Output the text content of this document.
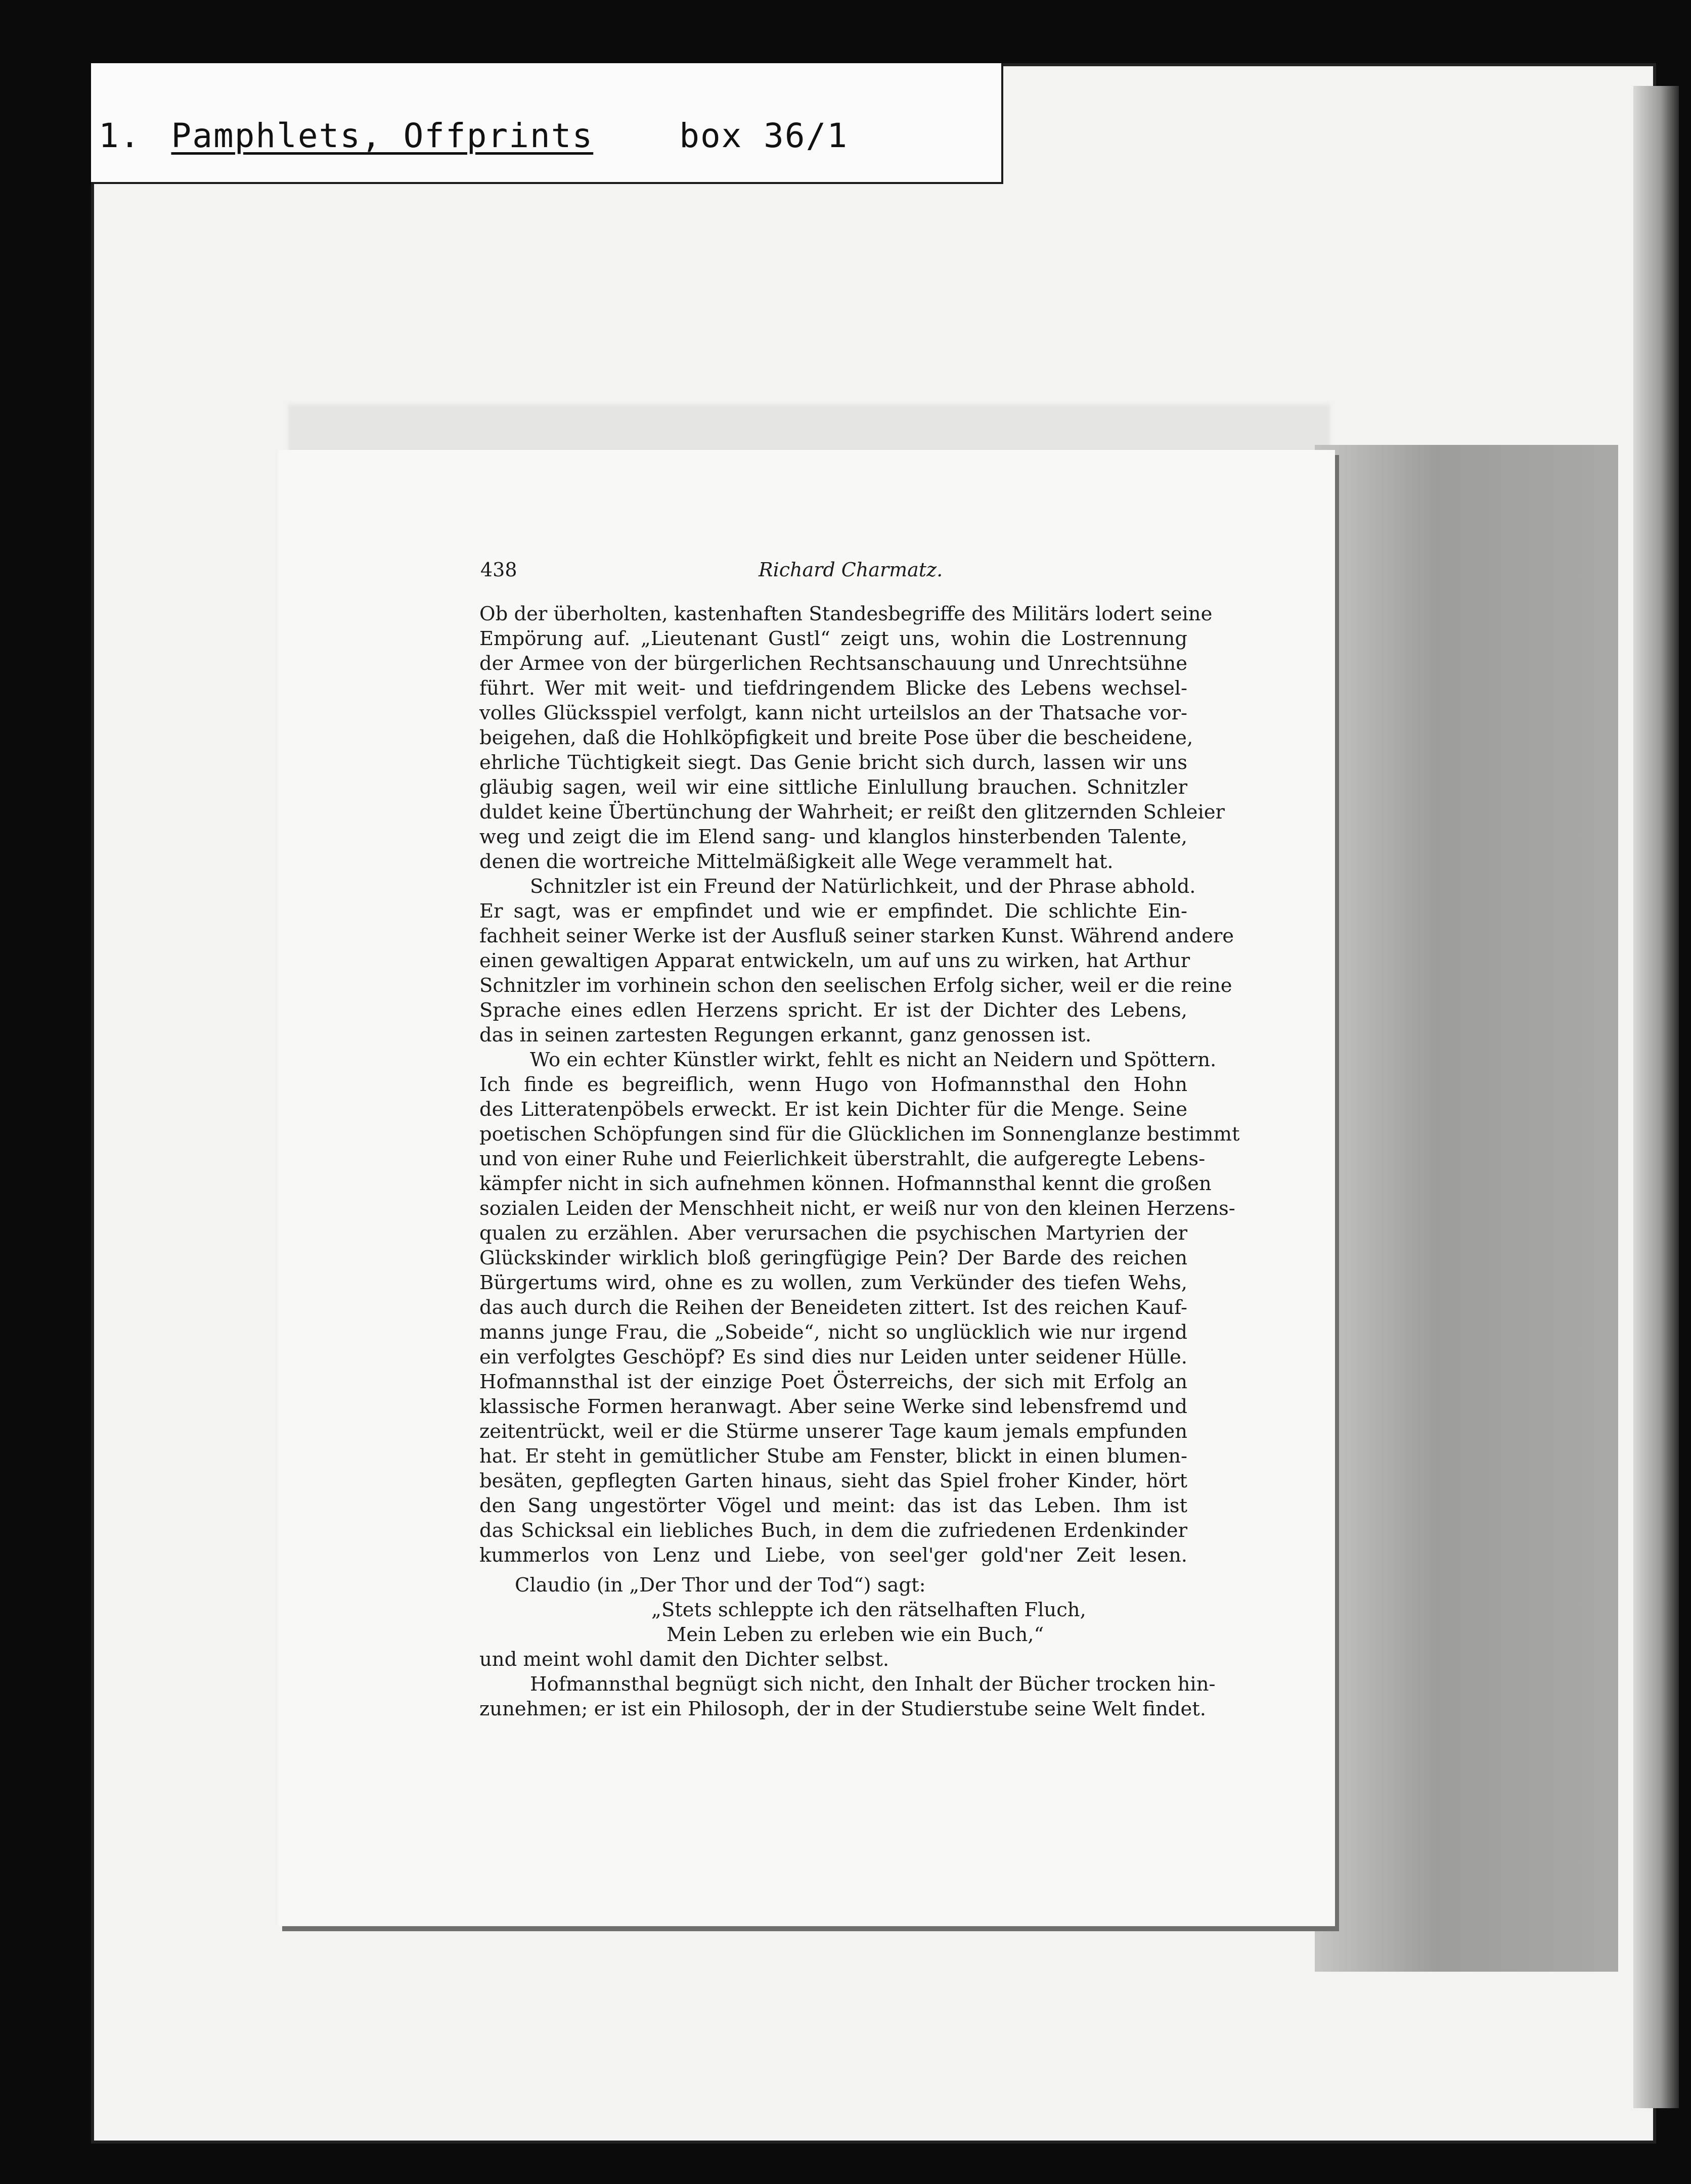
1. Pamphlets, Offprints	box 36/1
438	Richard Charmatz.
Ob der überholten, kastenhaften Standesbegriffe des Militärs lodert seine
Empörung auf. „Lieutenant Gustl“ zeigt uns, wohin die Lostrennung
der Armee von der bürgerlichen Rechtsanschauung und Unrechtsühne
führt. Wer mit weit- und tiefdringendem Blicke des Lebens wechsel-
volles Glücksspiel verfolgt, kann nicht urteilslos an der Thatsache vor-
beigehen, daß die Hohlköpfigkeit und breite Pose über die bescheidene,
ehrliche Tüchtigkeit siegt. Das Genie bricht sich durch, lassen wir uns
gläubig sagen, weil wir eine sittliche Einlullung brauchen. Schnitzler
duldet keine Übertünchung der Wahrheit; er reißt den glitzernden Schleier
weg und zeigt die im Elend sang- und klanglos hinsterbenden Talente,
denen die wortreiche Mittelmäßigkeit alle Wege verammelt hat.
Schnitzler ist ein Freund der Natürlichkeit, und der Phrase abhold.
Er sagt, was er empfindet und wie er empfindet. Die schlichte Ein-
fachheit seiner Werke ist der Ausfluß seiner starken Kunst. Während andere
einen gewaltigen Apparat entwickeln, um auf uns zu wirken, hat Arthur
Schnitzler im vorhinein schon den seelischen Erfolg sicher, weil er die reine
Sprache eines edlen Herzens spricht. Er ist der Dichter des Lebens,
das in seinen zartesten Regungen erkannt, ganz genossen ist.
Wo ein echter Künstler wirkt, fehlt es nicht an Neidern und Spöttern.
Ich finde es begreiflich, wenn Hugo von Hofmannsthal den Hohn
des Litteratenpöbels erweckt. Er ist kein Dichter für die Menge. Seine
poetischen Schöpfungen sind für die Glücklichen im Sonnenglanze bestimmt
und von einer Ruhe und Feierlichkeit überstrahlt, die aufgeregte Lebens-
kämpfer nicht in sich aufnehmen können. Hofmannsthal kennt die großen
sozialen Leiden der Menschheit nicht, er weiß nur von den kleinen Herzens-
qualen zu erzählen. Aber verursachen die psychischen Martyrien der
Glückskinder wirklich bloß geringfügige Pein? Der Barde des reichen
Bürgertums wird, ohne es zu wollen, zum Verkünder des tiefen Wehs,
das auch durch die Reihen der Beneideten zittert. Ist des reichen Kauf-
manns junge Frau, die „Sobeide“, nicht so unglücklich wie nur irgend
ein verfolgtes Geschöpf? Es sind dies nur Leiden unter seidener Hülle.
Hofmannsthal ist der einzige Poet Österreichs, der sich mit Erfolg an
klassische Formen heranwagt. Aber seine Werke sind lebensfremd und
zeitentrückt, weil er die Stürme unserer Tage kaum jemals empfunden
hat. Er steht in gemütlicher Stube am Fenster, blickt in einen blumen-
besäten, gepflegten Garten hinaus, sieht das Spiel froher Kinder, hört
den Sang ungestörter Vögel und meint: das ist das Leben. Ihm ist
das Schicksal ein liebliches Buch, in dem die zufriedenen Erdenkinder
kummerlos von Lenz und Liebe, von seel'ger gold'ner Zeit lesen.
Claudio (in „Der Thor und der Tod“) sagt:
„Stets schleppte ich den rätselhaften Fluch,
Mein Leben zu erleben wie ein Buch,“
und meint wohl damit den Dichter selbst.
Hofmannsthal begnügt sich nicht, den Inhalt der Bücher trocken hin-
zunehmen; er ist ein Philosoph, der in der Studierstube seine Welt findet.
